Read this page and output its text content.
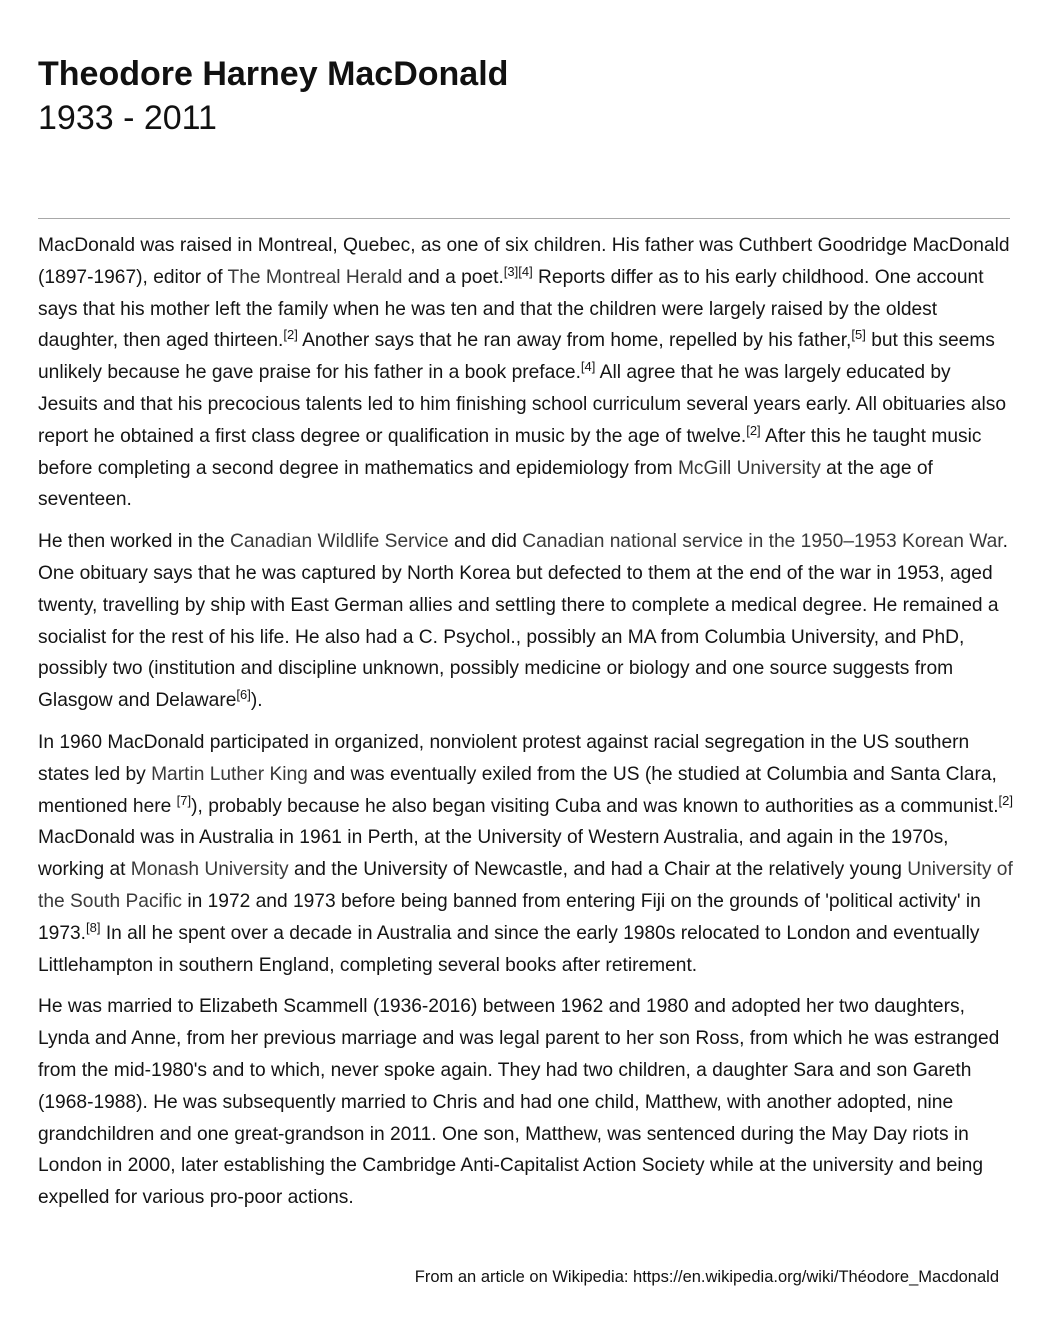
Theodore Harney MacDonald
1933 - 2011

MacDonald was raised in Montreal, Quebec, as one of six children. His father was Cuthbert Goodridge MacDonald (1897-1967), editor of The Montreal Herald and a poet.[3][4] Reports differ as to his early childhood. One account says that his mother left the family when he was ten and that the children were largely raised by the oldest daughter, then aged thirteen.[2] Another says that he ran away from home, repelled by his father,[5] but this seems unlikely because he gave praise for his father in a book preface.[4] All agree that he was largely educated by Jesuits and that his precocious talents led to him finishing school curriculum several years early. All obituaries also report he obtained a first class degree or qualification in music by the age of twelve.[2] After this he taught music before completing a second degree in mathematics and epidemiology from McGill University at the age of seventeen.

He then worked in the Canadian Wildlife Service and did Canadian national service in the 1950–1953 Korean War. One obituary says that he was captured by North Korea but defected to them at the end of the war in 1953, aged twenty, travelling by ship with East German allies and settling there to complete a medical degree. He remained a socialist for the rest of his life. He also had a C. Psychol., possibly an MA from Columbia University, and PhD, possibly two (institution and discipline unknown, possibly medicine or biology and one source suggests from Glasgow and Delaware[6]).

In 1960 MacDonald participated in organized, nonviolent protest against racial segregation in the US southern states led by Martin Luther King and was eventually exiled from the US (he studied at Columbia and Santa Clara, mentioned here [7]), probably because he also began visiting Cuba and was known to authorities as a communist.[2] MacDonald was in Australia in 1961 in Perth, at the University of Western Australia, and again in the 1970s, working at Monash University and the University of Newcastle, and had a Chair at the relatively young University of the South Pacific in 1972 and 1973 before being banned from entering Fiji on the grounds of 'political activity' in 1973.[8] In all he spent over a decade in Australia and since the early 1980s relocated to London and eventually Littlehampton in southern England, completing several books after retirement.

He was married to Elizabeth Scammell (1936-2016) between 1962 and 1980 and adopted her two daughters, Lynda and Anne, from her previous marriage and was legal parent to her son Ross, from which he was estranged from the mid-1980's and to which, never spoke again. They had two children, a daughter Sara and son Gareth (1968-1988). He was subsequently married to Chris and had one child, Matthew, with another adopted, nine grandchildren and one great-grandson in 2011. One son, Matthew, was sentenced during the May Day riots in London in 2000, later establishing the Cambridge Anti-Capitalist Action Society while at the university and being expelled for various pro-poor actions.

From an article on Wikipedia: https://en.wikipedia.org/wiki/Théodore_Macdonald
